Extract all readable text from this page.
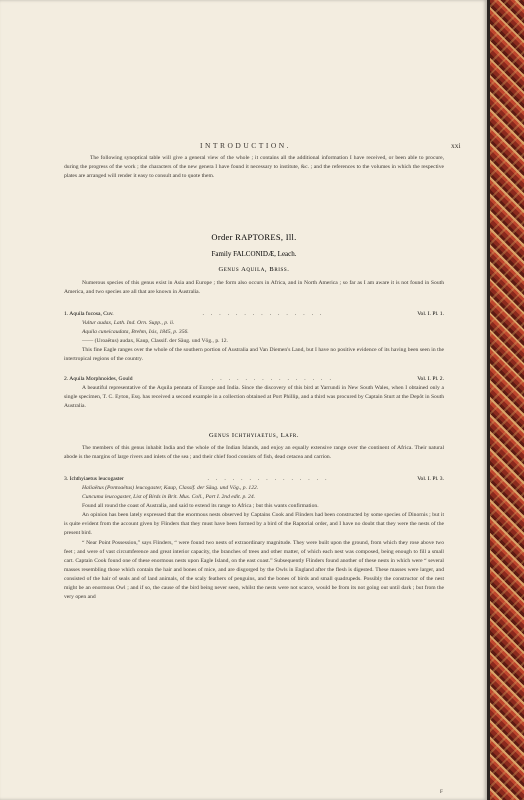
INTRODUCTION.	xxi

The following synoptical table will give a general view of the whole ; it contains all the additional information I have received, or been able to procure, during the progress of the work ; the characters of the new genera I have found it necessary to institute, &c. ; and the references to the volumes in which the respective plates are arranged will render it easy to consult and to quote them.

Order RAPTORES, Ill.
Family FALCONIDÆ, Leach.
Genus Aquila, Briss.

Numerous species of this genus exist in Asia and Europe ; the form also occurs in Africa, and in North America ; so far as I am aware it is not found in South America, and two species are all that are known in Australia.

1. Aquila fucosa, Cuv.	...............	Vol. I. Pl. 1.
Vultur audax, Lath. Ind. Orn. Supp., p. ii.
Aquila cuneicaudata, Brehm, Isis, 1845, p. 356.
—— (Uroaëtus) audax, Kaup, Classif. der Säug. und Vög., p. 12.

This fine Eagle ranges over the whole of the southern portion of Australia and Van Diemen's Land, but I have no positive evidence of its having been seen in the intertropical regions of the country.

2. Aquila Morphnoides, Gould	...............	Vol. I. Pl. 2.

A beautiful representative of the Aquila pennata of Europe and India. Since the discovery of this bird at Yarrundi in New South Wales, when I obtained only a single specimen, T. C. Eyton, Esq. has received a second example in a collection obtained at Port Phillip, and a third was procured by Captain Sturt at the Depôt in South Australia.

Genus Ichthyiaetus, Lafr.

The members of this genus inhabit India and the whole of the Indian Islands, and enjoy an equally extensive range over the continent of Africa. Their natural abode is the margins of large rivers and inlets of the sea ; and their chief food consists of fish, dead cetacea and carrion.

3. Ichthyiaetus leucogaster	...............	Vol. I. Pl. 3.
Haliaëtus (Pontoaëtus) leucogaster, Kaup, Classif. der Säug. und Vög., p. 122.
Cuncuma leucogaster, List of Birds in Brit. Mus. Coll., Part I. 2nd edit. p. 24.

Found all round the coast of Australia, and said to extend its range to Africa ; but this wants confirmation.

An opinion has been lately expressed that the enormous nests observed by Captains Cook and Flinders had been constructed by some species of Dinornis ; but it is quite evident from the account given by Flinders that they must have been formed by a bird of the Raptorial order, and I have no doubt that they were the nests of the present bird.

“ Near Point Possession,” says Flinders, “ were found two nests of extraordinary magnitude. They were built upon the ground, from which they rose above two feet ; and were of vast circumference and great interior capacity, the branches of trees and other matter, of which each nest was composed, being enough to fill a small cart. Captain Cook found one of these enormous nests upon Eagle Island, on the east coast.” Subsequently Flinders found another of these nests in which were “ several masses resembling those which contain the hair and bones of mice, and are disgorged by the Owls in England after the flesh is digested. These masses were larger, and consisted of the hair of seals and of land animals, of the scaly feathers of penguins, and the bones of birds and small quadrupeds. Possibly the constructor of the nest might be an enormous Owl ; and if so, the cause of the bird being never seen, whilst the nests were not scarce, would be from its not going out until dark ; but from the very open and

F
